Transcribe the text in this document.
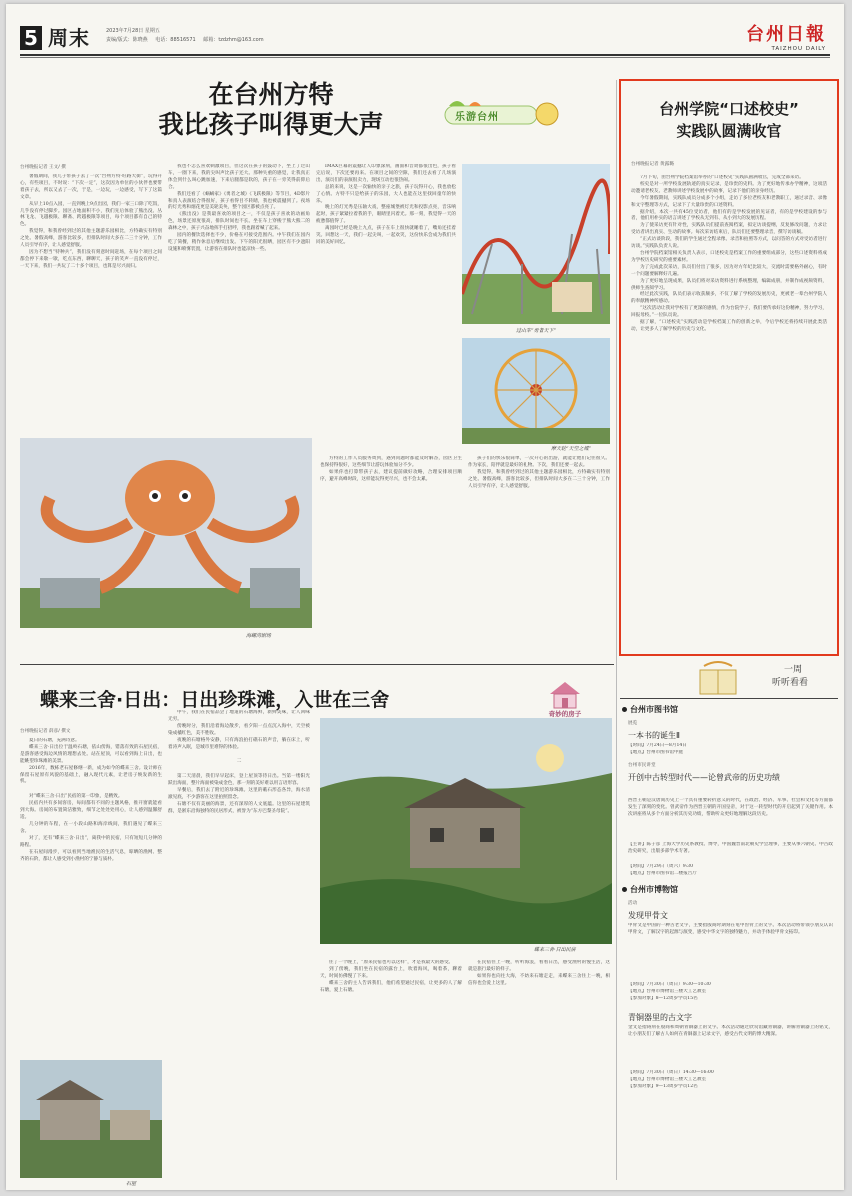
5 周末	2023年7月28日 星期五
责编/版式：陈晓燕 电话：88516571 邮箱：tzdzhm@163.com	台州日報
TAIZHOU DAILY
在台州方特
我比孩子叫得更大声	乐游台州
台州晚报记者 王文/ 撰

暑假期间，我儿子带孩子去了一次“台州方特·旺路大街”，玩得开心，有些项目，不时说：“下次一定”，这次因为单位的小伙伴也要带着孩子去，所以又去了一次，于是，一边玩，一边感受，写下了这篇文章。

从早上10点入园，一直到晚上9点出园，我们一家三口除了吃饭，几乎没有停过脚步。园区占地面积不小，我们先后体验了熊出没、丛林飞龙、飞越极限、聊斋、跨越极限等项目，每个项目都有自己的特色。

我觉得，和我曾经到过的其他主题游乐园相比，方特确实有特别之处。暑假高峰，游客比较多，但排队时间大多在二三十分钟，工作人员引导有序，让人感觉舒服。

因为不想当“特种兵”，我们没有刻意时间赶场，在每个项目之间都会停下来歇一歇，吃点东西，聊聊天，孩子的笑声一直没有停过，一天下来，我们一共玩了二十多个项目，也算是尽兴而归。

我也不怎么喜欢刺激项目，但这次在孩子的鼓动下，坐上了过山车，一圈下来，我的尖叫声比孩子还大。那种失重的感觉，让我真正体会到什么叫心跳加速，下来后腿都是软的，孩子在一旁笑得前仰后合。

我们还看了《蜗蜗家》《勇者之城》《飞跃极限》等节目，4D影片和真人表演结合得很好，孩子看得目不转睛，我也被震撼到了。夜场的灯光秀和烟花更是美轮美奂，整个园区都被点亮了。

《熊出没》是我最喜欢的项目之一，不仅是孩子喜欢的动画角色，场景还原度很高，排队时间也不长。坐在车上穿梭于熊大熊二的森林之中，孩子兴奋地挥手打招呼，我也跟着喊了起来。

园内的餐饮选择也不少，价格在可接受范围内。中午我们在园内吃了简餐，稍作休息后继续出发。下午的阳光很晒，园区有不少遮阳设施和喷雾装置，让游客在排队时也能凉快一些。

IMAX巨幕的震撼让人印象深刻，画面和音效都很出色，孩子看完后说，下次还要再来。在项目之间的空隙，我们还去看了几场演出，演员们的表演很卖力，现场互动也很热闹。

总的来说，这是一次愉快的亲子之旅，孩子玩得开心，我也放松了心情。方特不只是给孩子的乐园，大人也能在这里找回童年的快乐。

晚上的灯光秀是压轴大戏，整座城堡被灯光和投影点亮，音乐响起时，孩子紧紧拉着我的手，眼睛里闪着光。那一刻，我觉得一天的疲惫都值得了。

离园时已经是晚上九点，孩子在车上很快就睡着了，嘴角还挂着笑。回想这一天，我们一起尖叫，一起欢笑，这份快乐会成为我们共同的美好回忆。

过山车“勇者天下”
摩天轮“天空之城”
海螺湾剧场

方特的工作人员服务周到，遇到问题时都能及时解答，园区卫生也保持得很好，这些细节让游玩体验加分不少。

如果你也打算带孩子去，建议提前做好攻略，合理安排项目顺序，避开高峰时段，这样能玩得更尽兴，也不会太累。

孩子们的快乐很简单，一次开心的出游，就能让他们记住很久。作为家长，陪伴就是最好的礼物。下次，我们还要一起去。

我觉得，和我曾经到过的其他主题游乐园相比，方特确实有特别之处。暑假高峰，游客比较多，但排队时间大多在二三十分钟，工作人员引导有序，让人感觉舒服。

台州学院“口述校史”
实践队圆满收官
台州晚报记者 黄露璐

7月下旬，由台州学院档案馆举办的“口述校史”实践队圆满收官，完成全部采访。

校史是对一所学校发展轨迹的真实记录，是珍贵的史料。为了更好地传承办学精神，这项活动邀请老校友、老教师讲述学校发展中的故事，记录下他们的亲身经历。

今年暑假期间，实践队成员分成多个小组，走访了多位老校友和老教职工，通过录音、录像和文字整理等方式，记录下了大量珍贵的口述资料。

据介绍，本次一共有45位受访者，他们有的是学校发展的见证者，有的是学校建设的参与者，他们用朴实的语言讲述了学校从无到有、从小到大的发展历程。

为了使采访更有针对性，实践队员们提前查阅档案，拟定访谈提纲，反复修改问题，力求让受访者讲出真实、生动的故事。每次采访结束后，队员们还要整理录音，撰写访谈稿。

“正式访谈阶段，我们的学生通过全程录像、录音和拍照等方式，以问答的方式对受访者进行访谈。”实践队负责人说。

台州学院档案馆相关负责人表示，口述校史是档案工作的重要组成部分，这些口述资料将成为学校历史研究的重要素材。

为了完成此次采访，队员们付出了很多，因为对方年纪比较大，交流时需要格外耐心，有时一个问题要解释好几遍。

为了更好地呈现成果，队员们将对采访资料进行系统整理，编辑成册，并制作成视频资料，供师生查阅学习。

经过此次实践，队员们表示收获颇多，不仅了解了学校的发展历史，更被老一辈台州学院人的奉献精神所感动。

“这次活动让我对学校有了更深的感情，作为台院学子，我们要传承好这份精神，努力学习，回报母校。”一位队员说。

据了解，“口述校史”实践活动是学校档案工作的创新之举，今后学校还将持续开展此类活动，让更多人了解学校的历史与文化。

一周
听听看看
台州市图书馆
展览
一本书的诞生Ⅱ
【时间】7月24日—8月14日
【地点】台州市图书馆中庭
台州市民讲堂
开创中古转型时代——论曾武帝的历史功绩
西晋王朝是汉唐间历史上一个具有重要转折意义的时代，在政治、经济、军事、社会和文化等方面都发生了深刻的变化。曾武帝作为西晋王朝的开国皇帝，对于这一转型时代的开启起到了关键作用。本次讲座将从多个方面分析其历史功绩，帮助听众更好地理解这段历史。
【主讲】陈子彦 上海大学历史系教授、博导，中国魏晋南北朝史学会理事，主要从事六朝史、中古政治史研究，出版多部学术专著。
【时间】7月29日（周六）9:30
【地点】台州市图书馆二楼报告厅
台州市博物馆
活动
发现甲骨文
甲骨文是中国的一种古老文字，主要指殷商时期刻在龟甲兽骨上的文字。本次活动将带领小朋友认识甲骨文，了解汉字的起源与演变，感受中华文字的独特魅力，并动手体验甲骨文拓印。
【时间】7月30日（周日）9:30—10:30
【地点】台州市博物馆三楼大工艺教室
【参加对象】8—12周岁学员15名
青铜器里的古文字
金文是指铸刻在殷商和周朝青铜器上的文字。本次活动通过欣赏馆藏青铜器，讲解青铜器上的铭文，让小朋友们了解古人如何在青铜器上记录文字，感受古代文明的博大精深。
【时间】7月30日（周日）14:30—16:00
【地点】台州市博物馆三楼大工艺教室
【参加对象】9—13周岁学员12名
蝶来三舍·日出：日出珍珠滩，入世在三舍
奇妙的房子
台州晚报记者 薛彦/ 撰文

夏日的石塘，充满诗意。

蝶来三舍·日出位于温岭石塘，依山傍海，错落有致的石屋民宿，是游客感受海边风情的理想去处。站在屋顶，可以看到海上日出，也能眺望珍珠滩的美景。

2016年，数栋老石屋修缮一新，成为如今的蝶来三舍。设计师在保留石屋原有风貌的基础上，融入现代元素，让老房子焕发新的生机。

对“蝶来三舍·日出”民宿的第一印象，是精致。

民宿内共有多间客房，每间都有不同的主题风格，推开窗就能看到大海。房间的布置简洁雅致，细节之处处处用心，让人感到温馨舒适。

几分钟的车程，在一小段山路和海岸线间，我们遇见了蝶来三舍。

对了，还有“蝶来三舍·日出”，离我中的民宿，只有短短几分钟的路程。

在石屋间漫步，可以看到当地渔民的生活气息，晾晒的渔网、整齐的石阶，都让人感受到小渔村的宁静与质朴。

石屋

中午，我们在民宿品尝了地道的石塘海鲜，新鲜美味，让人回味无穷。

傍晚时分，我们沿着海边散步，看夕阳一点点沉入海中，天空被染成橘红色，美不胜收。

夜晚的石塘格外安静，只有海浪拍打礁石的声音，躺在床上，听着涛声入眠，是城市里难得的体验。

二

第二天清晨，我们早早起床，登上屋顶等待日出。当第一缕阳光跃出海面，整片海面被染成金色，那一刻的美好难以用言语形容。

早餐后，我们去了附近的珍珠滩。这里的礁石形态各异，海水清澈见底，不少游客在这里拍照留念。

石塘不仅有美丽的海景，还有深厚的人文底蕴。这里的石屋建筑群，是浙东沿海独特的民居形式，被誉为“东方巴黎圣母院”。

蝶来三舍·日出民宿

住了一个晚上，“原来民宿也可以这样”，才是我最大的感受。

到了傍晚，我们坐在民宿的露台上，吹着海风，喝着茶，聊着天，时间仿佛慢了下来。

蝶来三舍的主人告诉我们，他们希望通过民宿，让更多的人了解石塘，爱上石塘。

在民宿住上一晚，听听海浪，看看日出，感受渔村的慢生活，这就是旅行最好的样子。

如果你也向往大海，不妨来石塘走走，来蝶来三舍住上一晚，相信你也会爱上这里。
